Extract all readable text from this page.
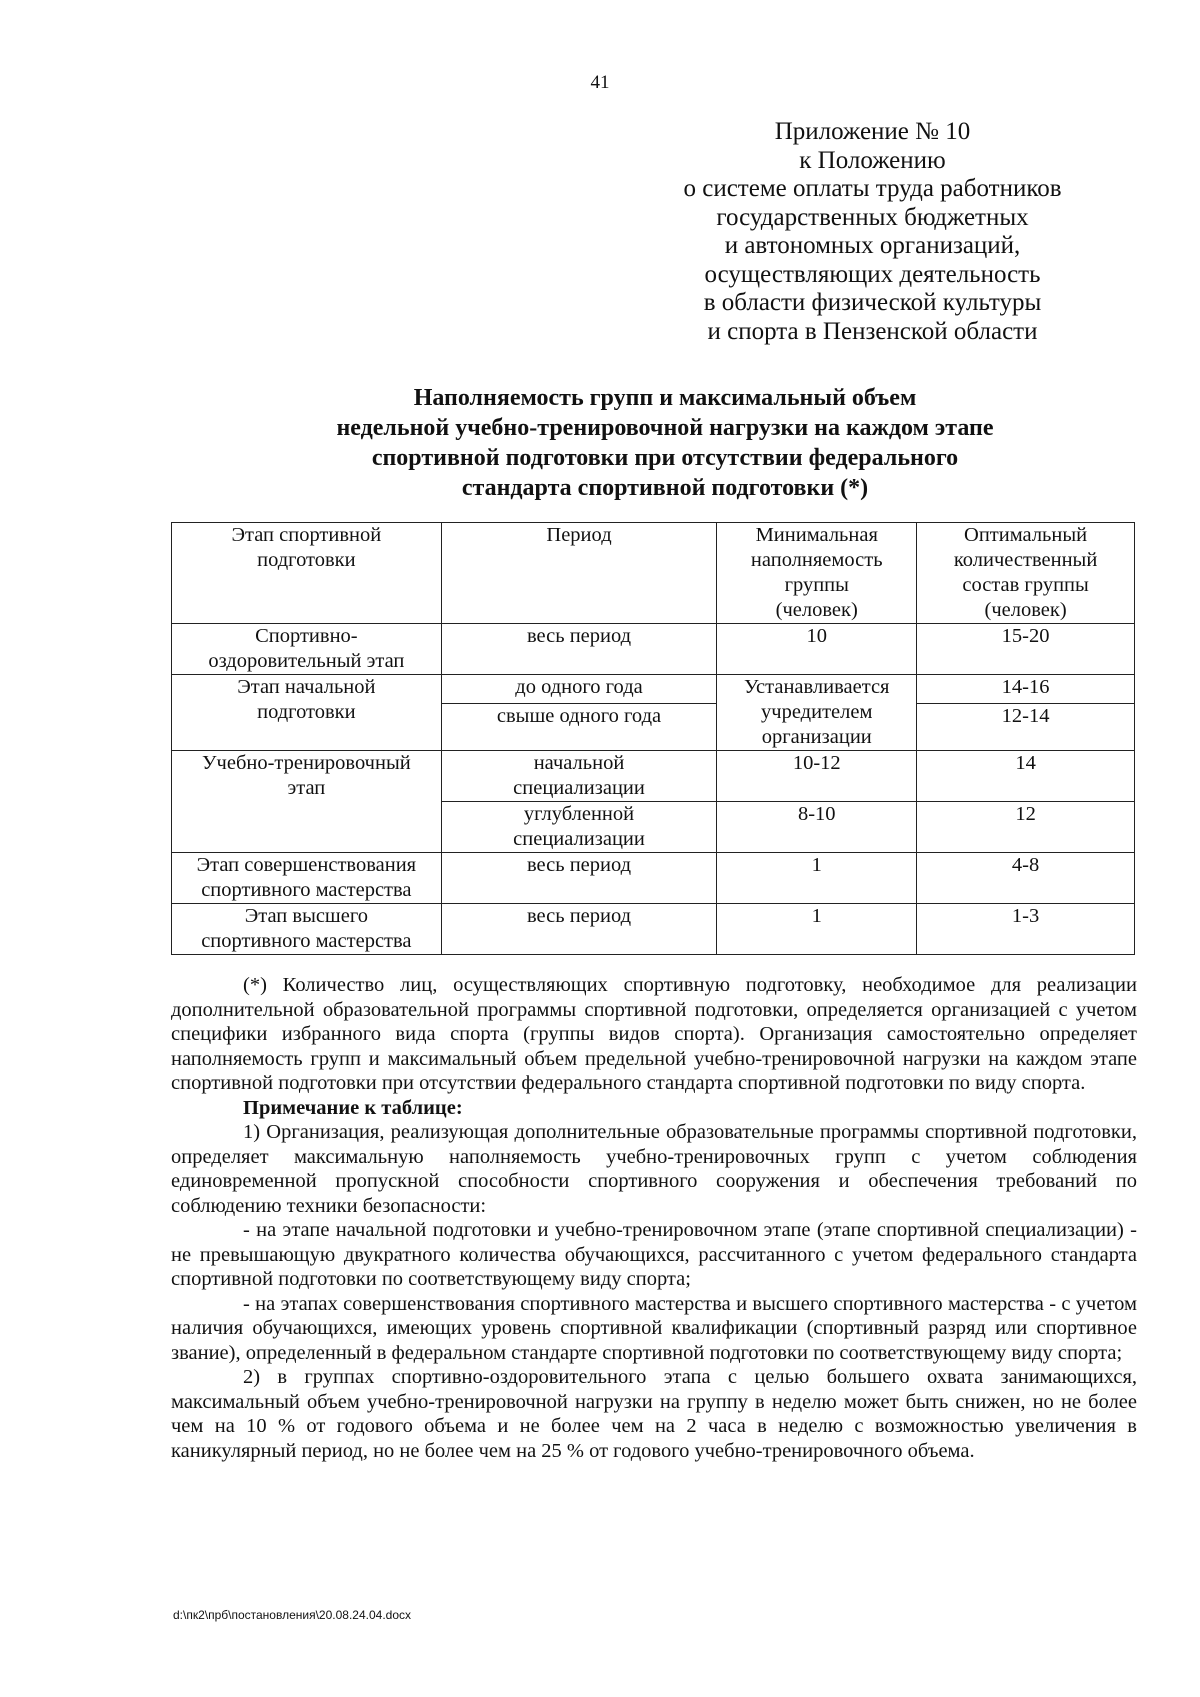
41
Приложение № 10
к Положению
о системе оплаты труда работников
государственных бюджетных
и автономных организаций,
осуществляющих деятельность
в области физической культуры
и спорта в Пензенской области
Наполняемость групп и максимальный объем
недельной учебно-тренировочной нагрузки на каждом этапе
спортивной подготовки при отсутствии федерального
стандарта спортивной подготовки (*)
Этап спортивной
подготовки	Период	Минимальная
наполняемость
группы
(человек)	Оптимальный
количественный
состав группы
(человек)

Спортивно-
оздоровительный этап	весь период	10	15-20

Этап начальной
подготовки	до одного года	Устанавливается
учредителем
организации	14-16
	свыше одного года		12-14

Учебно-тренировочный
этап	начальной
специализации	10-12	14

	углубленной
специализации	8-10	12

Этап совершенствования
спортивного мастерства	весь период	1	4-8

Этап высшего
спортивного мастерства	весь период	1	1-3

(*) Количество лиц, осуществляющих спортивную подготовку, необходимое для реализации дополнительной образовательной программы спортивной подготовки, определяется организацией с учетом специфики избранного вида спорта (группы видов спорта). Организация самостоятельно определяет наполняемость групп и максимальный объем предельной учебно-тренировочной нагрузки на каждом этапе спортивной подготовки при отсутствии федерального стандарта спортивной подготовки по виду спорта.

Примечание к таблице:

1) Организация, реализующая дополнительные образовательные программы спортивной подготовки, определяет максимальную наполняемость учебно-тренировочных групп с учетом соблюдения единовременной пропускной способности спортивного сооружения и обеспечения требований по соблюдению техники безопасности:

- на этапе начальной подготовки и учебно-тренировочном этапе (этапе спортивной специализации) - не превышающую двукратного количества обучающихся, рассчитанного с учетом федерального стандарта спортивной подготовки по соответствующему виду спорта;

- на этапах совершенствования спортивного мастерства и высшего спортивного мастерства - с учетом наличия обучающихся, имеющих уровень спортивной квалификации (спортивный разряд или спортивное звание), определенный в федеральном стандарте спортивной подготовки по соответствующему виду спорта;

2) в группах спортивно-оздоровительного этапа с целью большего охвата занимающихся, максимальный объем учебно-тренировочной нагрузки на группу в неделю может быть снижен, но не более чем на 10 % от годового объема и не более чем на 2 часа в неделю с возможностью увеличения в каникулярный период, но не более чем на 25 % от годового учебно-тренировочного объема.

d:\пк2\прб\постановления\20.08.24.04.docx
